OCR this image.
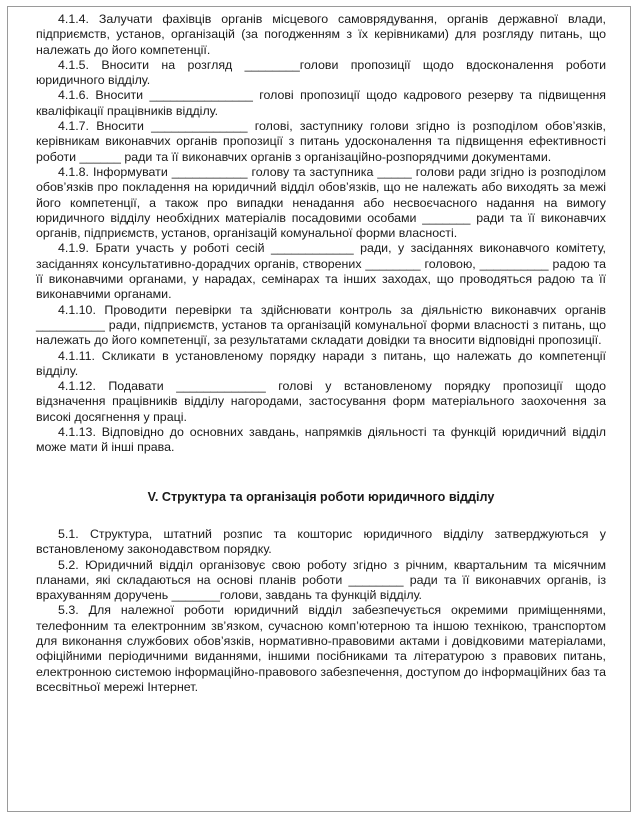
4.1.4. Залучати фахівців органів місцевого самоврядування, органів державної влади, підприємств, установ, організацій (за погодженням з їх керівниками) для розгляду питань, що належать до його компетенції.

4.1.5. Вносити на розгляд ________голови пропозиції щодо вдосконалення роботи юридичного відділу.

4.1.6. Вносити _______________ голові пропозиції щодо кадрового резерву та підвищення кваліфікації працівників відділу.

4.1.7. Вносити ______________ голові, заступнику голови згідно із розподілом обов’язків, керівникам виконавчих органів пропозиції з питань удосконалення та підвищення ефективності роботи ______ ради та її виконавчих органів з організаційно-розпорядчими документами.

4.1.8. Інформувати ___________ голову та заступника _____ голови ради згідно із розподілом обов’язків про покладення на юридичний відділ обов’язків, що не належать або виходять за межі його компетенції, а також про випадки ненадання або несвоєчасного надання на вимогу юридичного відділу необхідних матеріалів посадовими особами _______ ради та її виконавчих органів, підприємств, установ, організацій комунальної форми власності.

4.1.9. Брати участь у роботі сесій ____________ ради, у засіданнях виконавчого комітету, засіданнях консультативно-дорадчих органів, створених ________ головою, __________ радою та її виконавчими органами, у нарадах, семінарах та інших заходах, що проводяться радою та її виконавчими органами.

4.1.10. Проводити перевірки та здійснювати контроль за діяльністю виконавчих органів __________ ради, підприємств, установ та організацій комунальної форми власності з питань, що належать до його компетенції, за результатами складати довідки та вносити відповідні пропозиції.

4.1.11. Скликати в установленому порядку наради з питань, що належать до компетенції відділу.

4.1.12. Подавати _____________ голові у встановленому порядку пропозиції щодо відзначення працівників відділу нагородами, застосування форм матеріального заохочення за високі досягнення у праці.

4.1.13. Відповідно до основних завдань, напрямків діяльності та функцій юридичний відділ може мати й інші права.

V. Структура та організація роботи юридичного відділу

5.1. Структура, штатний розпис та кошторис юридичного відділу затверджуються у встановленому законодавством порядку.

5.2. Юридичний відділ організовує свою роботу згідно з річним, квартальним та місячним планами, які складаються на основі планів роботи ________ ради та її виконавчих органів, із врахуванням доручень _______голови, завдань та функцій відділу.

5.3. Для належної роботи юридичний відділ забезпечується окремими приміщеннями, телефонним та електронним зв’язком, сучасною комп’ютерною та іншою технікою, транспортом для виконання службових обов’язків, нормативно-правовими актами і довідковими матеріалами, офіційними періодичними виданнями, іншими посібниками та літературою з правових питань, електронною системою інформаційно-правового забезпечення, доступом до інформаційних баз та всесвітньої мережі Інтернет.
